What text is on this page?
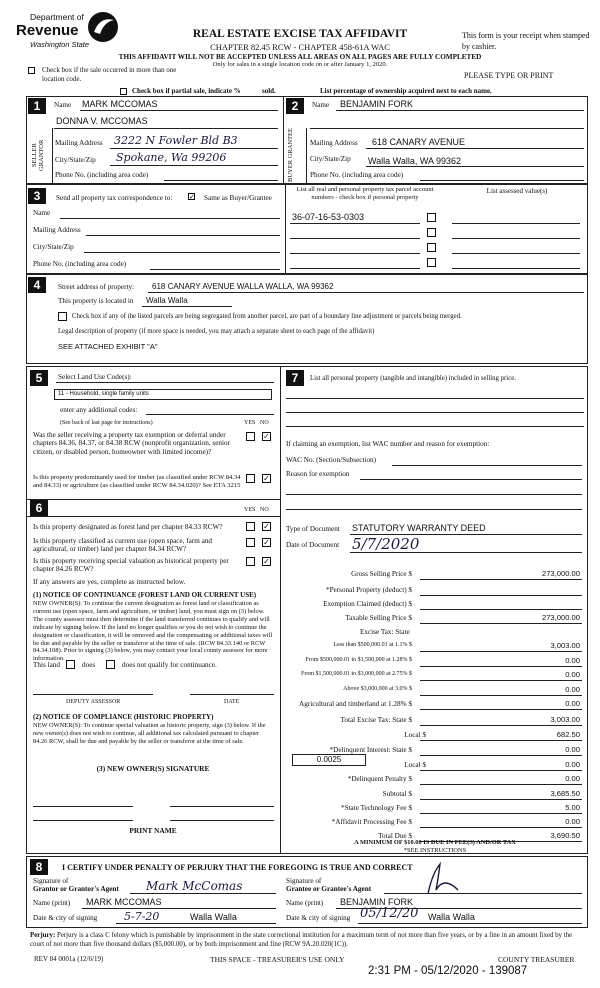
Department of
Revenue
Washington State
REAL ESTATE EXCISE TAX AFFIDAVIT
CHAPTER 82.45 RCW - CHAPTER 458-61A WAC
THIS AFFIDAVIT WILL NOT BE ACCEPTED UNLESS ALL AREAS ON ALL PAGES ARE FULLY COMPLETED
Only for sales in a single location code on or after January 1, 2020.
This form is your receipt when stamped by cashier.
PLEASE TYPE OR PRINT
Check box if the sale occurred in more than one location code.
Check box if partial sale, indicate %	sold.	List percentage of ownership acquired next to each name.
1	Name MARK MCCOMAS
DONNA V. MCCOMAS
SELLER GRANTOR	Mailing Address 3222 N Fowler Bld B3
City/State/Zip Spokane, Wa 99206
Phone No. (including area code)
2	Name BENJAMIN FORK
BUYER GRANTEE	Mailing Address 618 CANARY AVENUE
City/State/Zip Walla Walla, WA 99362
Phone No. (including area code)
3	Send all property tax correspondence to: ✓ Same as Buyer/Grantee
List all real and personal property tax parcel account numbers - check box if personal property
List assessed value(s)
Name
Mailing Address
City/State/Zip
Phone No. (including area code)
36-07-16-53-0303
4	Street address of property: 618 CANARY AVENUE WALLA WALLA, WA 99362
This property is located in Walla Walla
Check box if any of the listed parcels are being segregated from another parcel, are part of a boundary line adjustment or parcels being merged.
Legal description of property (if more space is needed, you may attach a separate sheet to each page of the affidavit)
SEE ATTACHED EXHIBIT "A"
5	Select Land Use Code(s):
11 - Household, single family units
enter any additional codes:
(See back of last page for instructions)	YES NO
Was the seller receiving a property tax exemption or deferral under chapters 84.36, 84.37, or 84.38 RCW (nonprofit organization, senior citizen, or disabled person, homeowner with limited income)?
✓
Is this property predominantly used for timber (as classified under RCW 84.34 and 84.33) or agriculture (as classified under RCW 84.34.020)? See ETA 3215
✓
6	YES NO
Is this property designated as forest land per chapter 84.33 RCW?	✓
Is this property classified as current use (open space, farm and agricultural, or timber) land per chapter 84.34 RCW?
✓
Is this property receiving special valuation as historical property per chapter 84.26 RCW?
✓
If any answers are yes, complete as instructed below.
(1) NOTICE OF CONTINUANCE (FOREST LAND OR CURRENT USE)
NEW OWNER(S): To continue the current designation as forest land or classification as current use (open space, farm and agriculture, or timber) land, you must sign on (3) below. The county assessor must then determine if the land transferred continues to qualify and will indicate by signing below. If the land no longer qualifies or you do not wish to continue the designation or classification, it will be removed and the compensating or additional taxes will be due and payable by the seller or transferor at the time of sale. (RCW 84.33.140 or RCW 84.34.108). Prior to signing (3) below, you may contact your local county assessor for more information.
This land	does	does not qualify for continuance.
DEPUTY ASSESSOR	DATE
(2) NOTICE OF COMPLIANCE (HISTORIC PROPERTY)
NEW OWNER(S): To continue special valuation as historic property, sign (3) below. If the new owner(s) does not wish to continue, all additional tax calculated pursuant to chapter 84.26 RCW, shall be due and payable by the seller or transferor at the time of sale.
(3) NEW OWNER(S) SIGNATURE
PRINT NAME
7	List all personal property (tangible and intangible) included in selling price.
If claiming an exemption, list WAC number and reason for exemption:
WAC No. (Section/Subsection)
Reason for exemption
Type of Document STATUTORY WARRANTY DEED
Date of Document 5/7/2020
Gross Selling Price $	273,000.00
*Personal Property (deduct) $
Exemption Claimed (deduct) $
Taxable Selling Price $	273,000.00
Excise Tax: State
Less than $500,000.01 at 1.1% $	3,003.00
From $500,000.01 to $1,500,000 at 1.28% $	0.00
From $1,500,000.01 to $3,000,000 at 2.75% $	0.00
Above $3,000,000 at 3.0% $	0.00
Agricultural and timberland at 1.28% $	0.00
Total Excise Tax: State $	3,003.00
Local $	682.50
*Delinquent Interest: State $	0.00
Local $	0.00
*Delinquent Penalty $	0.00
Subtotal $	3,685.50
*State Technology Fee $	5.00
*Affidavit Processing Fee $	0.00
Total Due $	3,690.50
0.0025
A MINIMUM OF $10.00 IS DUE IN FEE(S) AND/OR TAX
*SEE INSTRUCTIONS
8	I CERTIFY UNDER PENALTY OF PERJURY THAT THE FOREGOING IS TRUE AND CORRECT
Signature of
Grantor or Grantor's Agent Mark McComas
Name (print) MARK MCCOMAS
Date & city of signing 5-7-20	Walla Walla
Signature of
Grantee or Grantee's Agent
Name (print) BENJAMIN FORK
Date & city of signing 05/12/20 Walla Walla
Perjury: Perjury is a class C felony which is punishable by imprisonment in the state correctional institution for a maximum term of not more than five years, or by a fine in an amount fixed by the court of not more than five thousand dollars ($5,000.00), or by both imprisonment and fine (RCW 9A.20.020(1C)).
REV 84 0001a (12/6/19)	THIS SPACE - TREASURER'S USE ONLY	COUNTY TREASURER
2:31 PM - 05/12/2020 - 139087
